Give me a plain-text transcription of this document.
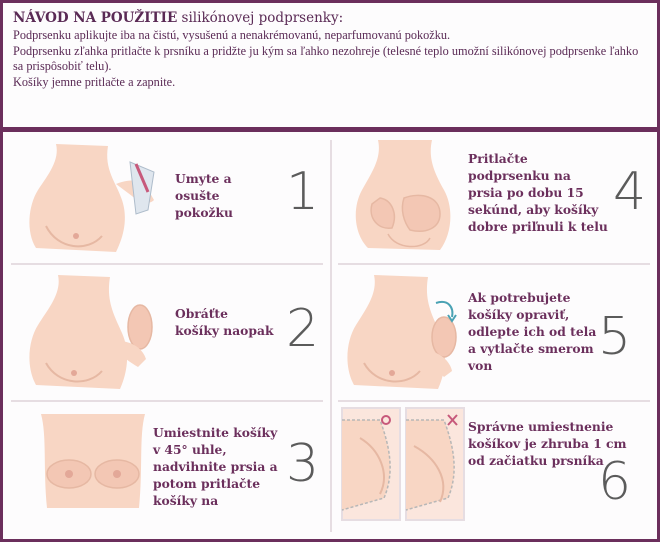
NÁVOD NA POUŽITIE silikónovej podprsenky:

Podprsenku aplikujte iba na čistú, vysušenú a nenakrémovanú, neparfumovanú pokožku.

Podprsenku zľahka pritlačte k prsníku a pridžte ju kým sa ľahko nezohreje (telesné teplo umožní silikónovej podprsenke ľahko sa prispôsobiť telu).

Košíky jemne pritlačte a zapnite.

Umyte a osušte pokožku	1
Pritlačte podprsenku na prsia po dobu 15 sekúnd, aby košíky dobre priľnuli k telu
4
Obráťte košíky naopak 2
Ak potrebujete košíky opraviť, odlepte ich od tela a vytlačte smerom von	5
Umiestnite košíky v 45° uhle, nadvihnite prsia a potom pritlačte košíky na
3
Správne umiestnenie košíkov je zhruba 1 cm od začiatku prsníka
6
